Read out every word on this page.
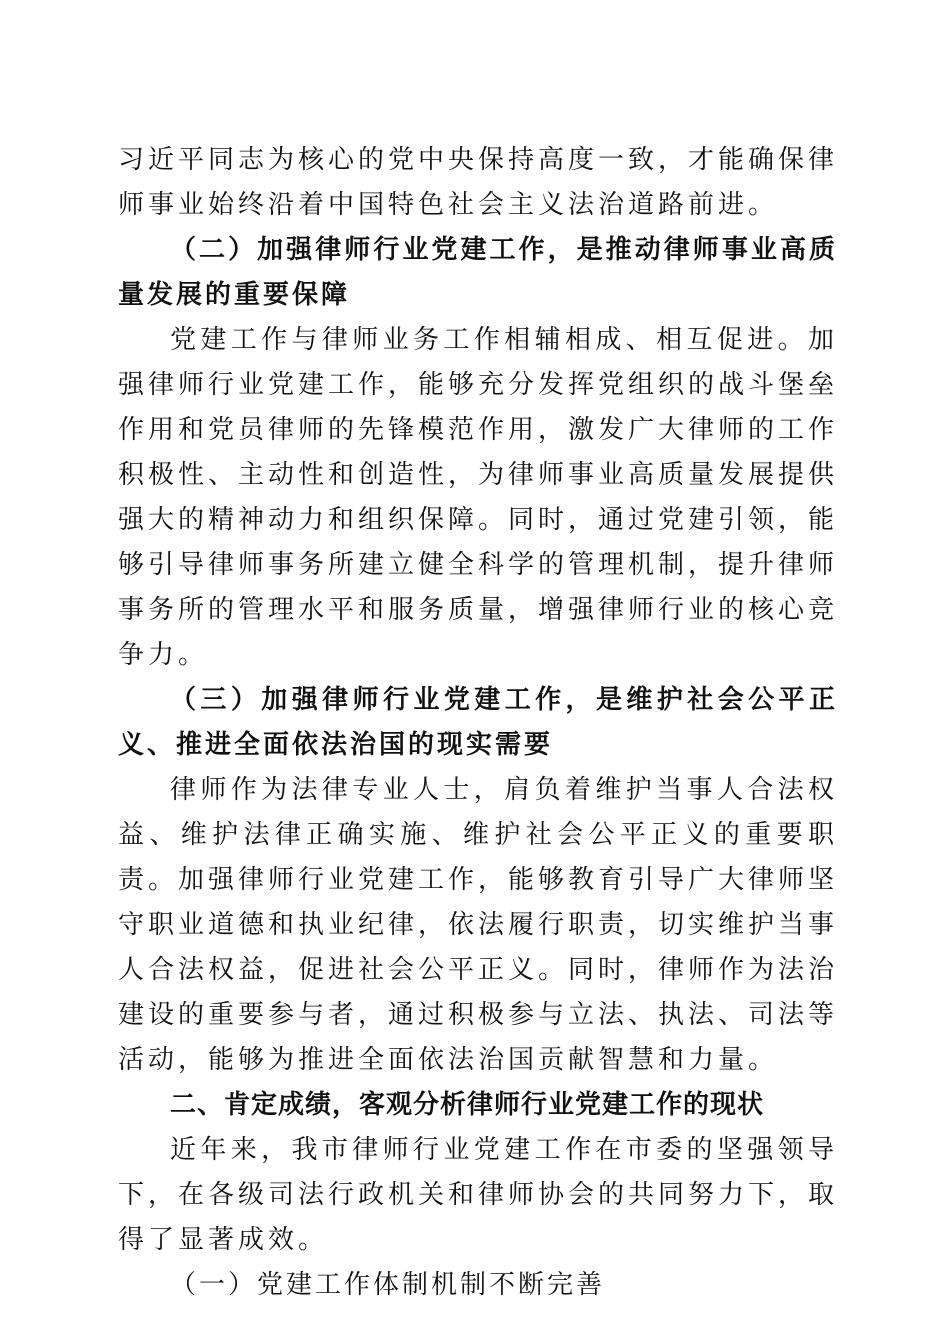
习近平同志为核心的党中央保持高度一致，才能确保律师事业始终沿着中国特色社会主义法治道路前进。

（二）加强律师行业党建工作，是推动律师事业高质量发展的重要保障

党建工作与律师业务工作相辅相成、相互促进。加强律师行业党建工作，能够充分发挥党组织的战斗堡垒作用和党员律师的先锋模范作用，激发广大律师的工作积极性、主动性和创造性，为律师事业高质量发展提供强大的精神动力和组织保障。同时，通过党建引领，能够引导律师事务所建立健全科学的管理机制，提升律师事务所的管理水平和服务质量，增强律师行业的核心竞争力。

（三）加强律师行业党建工作，是维护社会公平正义、推进全面依法治国的现实需要

律师作为法律专业人士，肩负着维护当事人合法权益、维护法律正确实施、维护社会公平正义的重要职责。加强律师行业党建工作，能够教育引导广大律师坚守职业道德和执业纪律，依法履行职责，切实维护当事人合法权益，促进社会公平正义。同时，律师作为法治建设的重要参与者，通过积极参与立法、执法、司法等活动，能够为推进全面依法治国贡献智慧和力量。

二、肯定成绩，客观分析律师行业党建工作的现状

近年来，我市律师行业党建工作在市委的坚强领导下，在各级司法行政机关和律师协会的共同努力下，取得了显著成效。

（一）党建工作体制机制不断完善
